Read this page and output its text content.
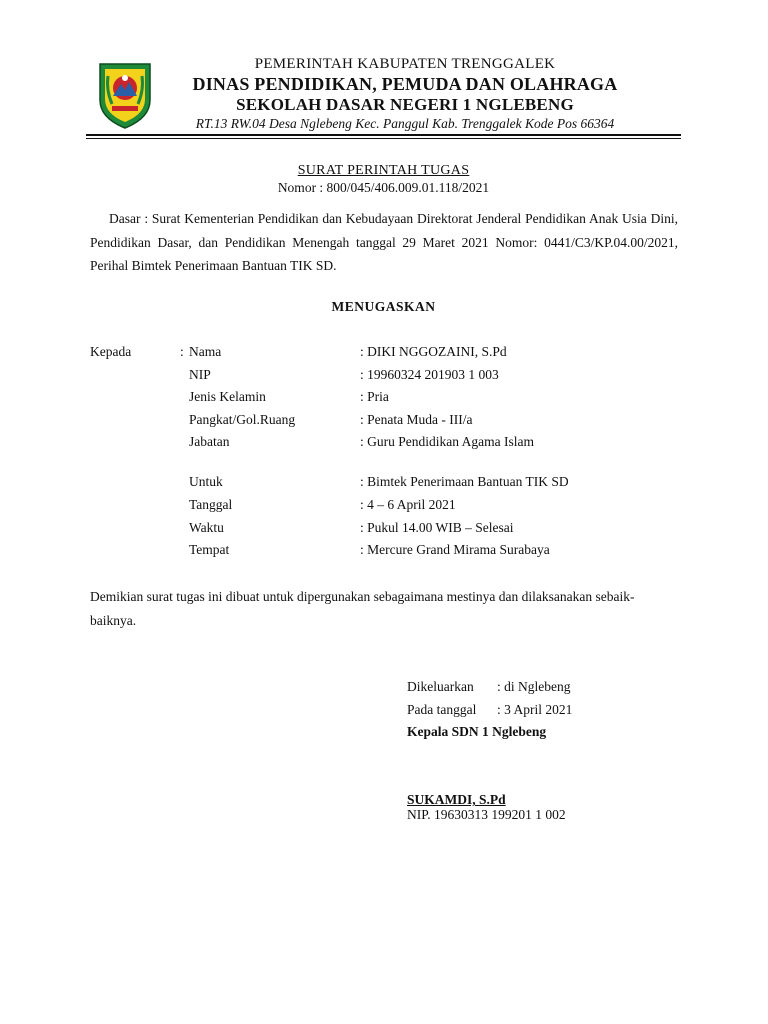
PEMERINTAH KABUPATEN TRENGGALEK
DINAS PENDIDIKAN, PEMUDA DAN OLAHRAGA
SEKOLAH DASAR NEGERI 1 NGLEBENG
RT.13 RW.04 Desa Nglebeng Kec. Panggul Kab. Trenggalek Kode Pos 66364
SURAT PERINTAH TUGAS
Nomor : 800/045/406.009.01.118/2021
Dasar : Surat Kementerian Pendidikan dan Kebudayaan Direktorat Jenderal Pendidikan Anak Usia Dini, Pendidikan Dasar, dan Pendidikan Menengah tanggal 29 Maret 2021 Nomor: 0441/C3/KP.04.00/2021, Perihal Bimtek Penerimaan Bantuan TIK SD.
MENUGASKAN
Kepada	: Nama	: DIKI NGGOZAINI, S.Pd
NIP	: 19960324 201903 1 003
Jenis Kelamin	: Pria
Pangkat/Gol.Ruang	: Penata Muda - III/a
Jabatan	: Guru Pendidikan Agama Islam
Untuk	: Bimtek Penerimaan Bantuan TIK SD
Tanggal	: 4 – 6 April 2021
Waktu	: Pukul 14.00 WIB – Selesai
Tempat	: Mercure Grand Mirama Surabaya
Demikian surat tugas ini dibuat untuk dipergunakan sebagaimana mestinya dan dilaksanakan sebaik-baiknya.
Dikeluarkan : di Nglebeng
Pada tanggal : 3 April 2021
Kepala SDN 1 Nglebeng
SUKAMDI, S.Pd
NIP. 19630313 199201 1 002
